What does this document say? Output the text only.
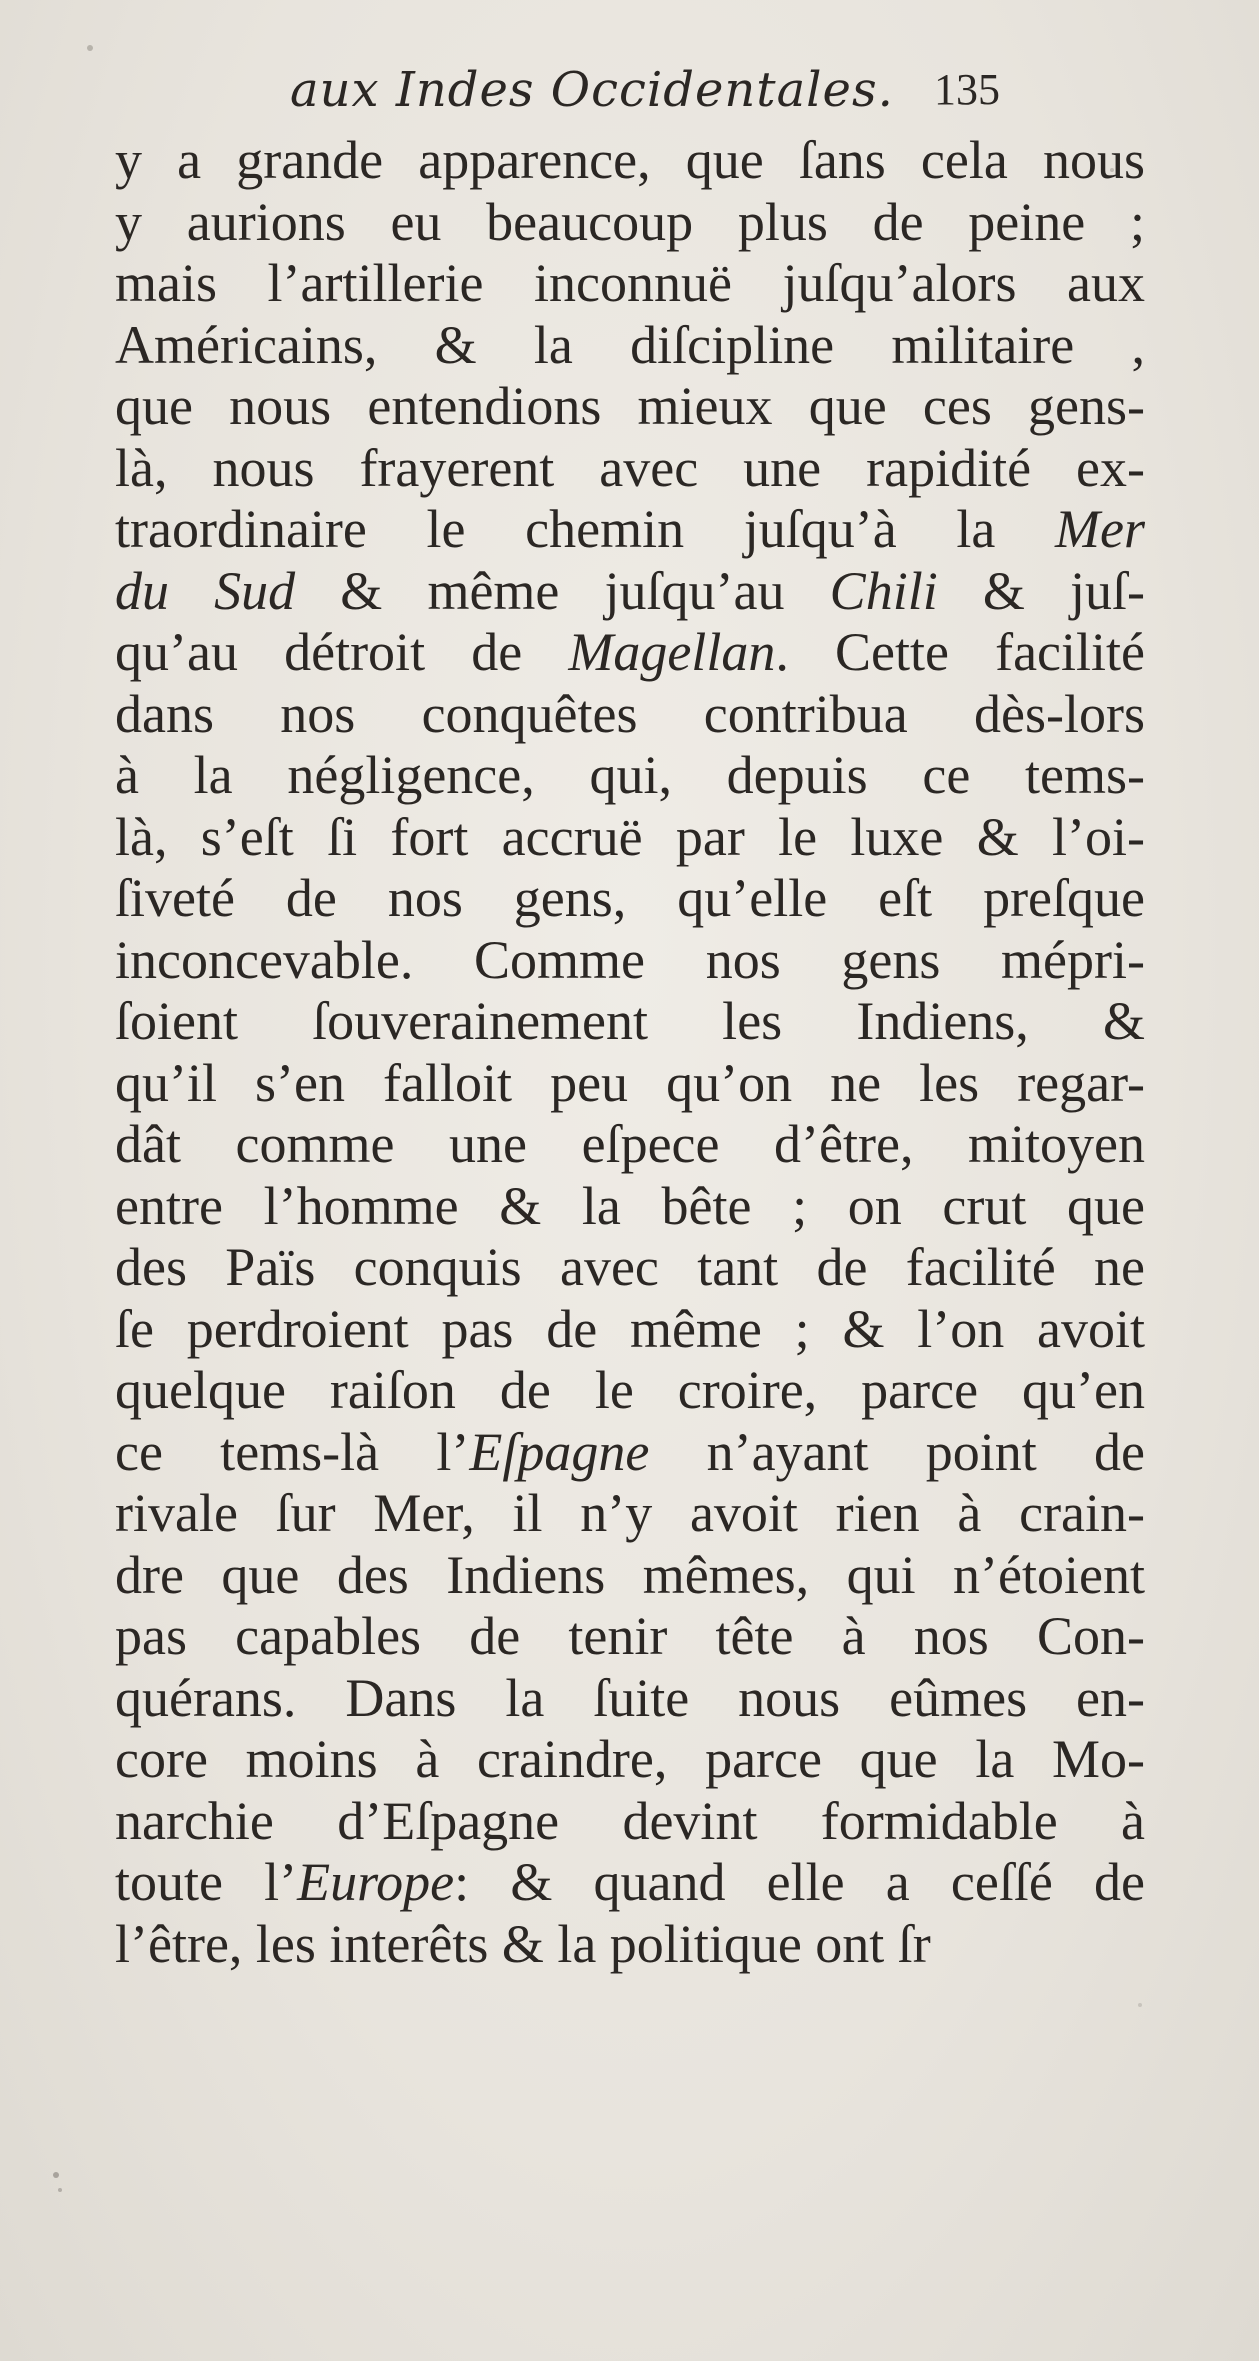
aux Indes Occidentales. 135
y a grande apparence, que ſans cela nous
y aurions eu beaucoup plus de peine ;
mais l’artillerie inconnuë juſqu’alors aux
Américains, & la diſcipline militaire ,
que nous entendions mieux que ces gens-
là, nous frayerent avec une rapidité ex-
traordinaire le chemin juſqu’à la Mer
du Sud & même juſqu’au Chili & juſ-
qu’au détroit de Magellan. Cette facilité
dans nos conquêtes contribua dès-lors
à la négligence, qui, depuis ce tems-
là, s’eſt ſi fort accruë par le luxe & l’oi-
ſiveté de nos gens, qu’elle eſt preſque
inconcevable. Comme nos gens mépri-
ſoient ſouverainement les Indiens, &
qu’il s’en falloit peu qu’on ne les regar-
dât comme une eſpece d’être, mitoyen
entre l’homme & la bête ; on crut que
des Païs conquis avec tant de facilité ne
ſe perdroient pas de même ; & l’on avoit
quelque raiſon de le croire, parce qu’en
ce tems-là l’Eſpagne n’ayant point de
rivale ſur Mer, il n’y avoit rien à crain-
dre que des Indiens mêmes, qui n’étoient
pas capables de tenir tête à nos Con-
quérans. Dans la ſuite nous eûmes en-
core moins à craindre, parce que la Mo-
narchie d’Eſpagne devint formidable à
toute l’Europe: & quand elle a ceſſé de
l’être, les interêts & la politique ont ſr
